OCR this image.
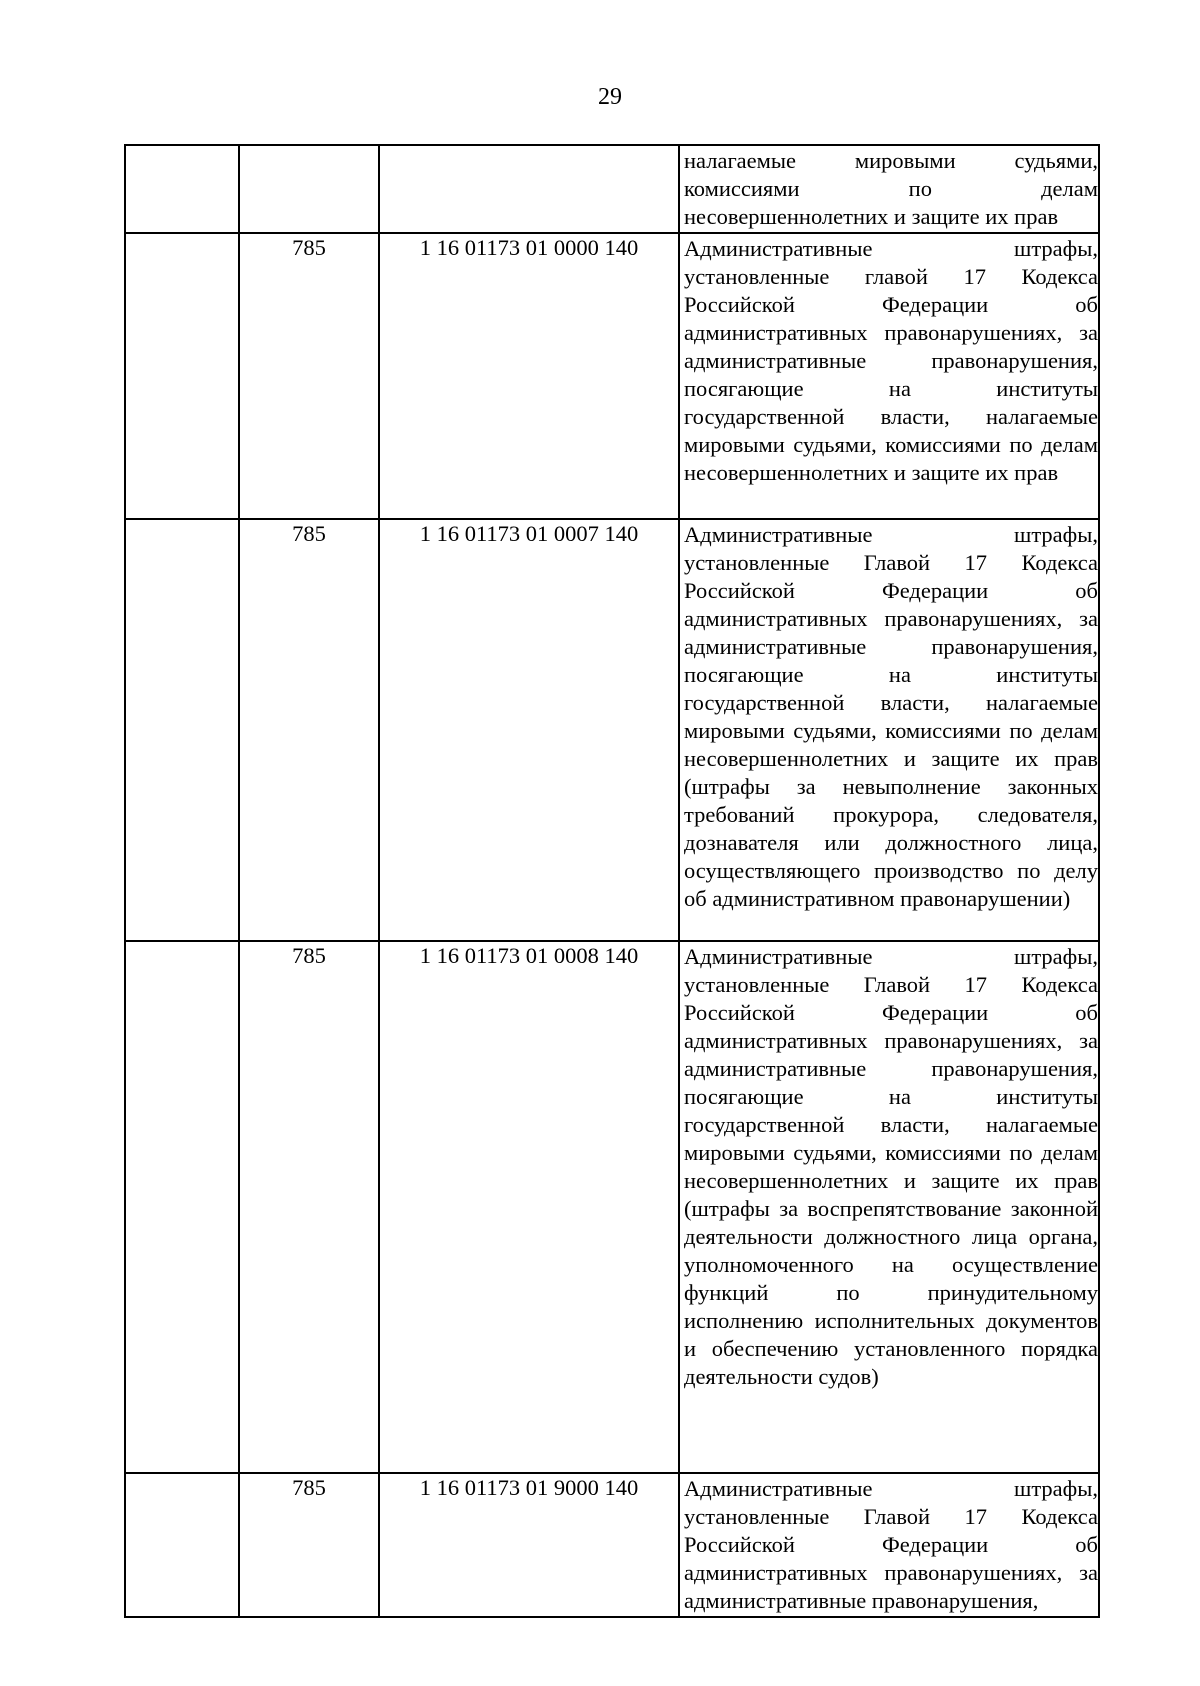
29

			налагаемые мировыми судьями, комиссиями по делам несовершеннолетних и защите их прав

	785	1 16 01173 01 0000 140	Административные штрафы, установленные главой 17 Кодекса Российской Федерации об административных правонарушениях, за административные правонарушения, посягающие на институты государственной власти, налагаемые мировыми судьями, комиссиями по делам несовершеннолетних и защите их прав

	785	1 16 01173 01 0007 140	Административные штрафы, установленные Главой 17 Кодекса Российской Федерации об административных правонарушениях, за административные правонарушения, посягающие на институты государственной власти, налагаемые мировыми судьями, комиссиями по делам несовершеннолетних и защите их прав (штрафы за невыполнение законных требований прокурора, следователя, дознавателя или должностного лица, осуществляющего производство по делу об административном правонарушении)

	785	1 16 01173 01 0008 140	Административные штрафы, установленные Главой 17 Кодекса Российской Федерации об административных правонарушениях, за административные правонарушения, посягающие на институты государственной власти, налагаемые мировыми судьями, комиссиями по делам несовершеннолетних и защите их прав (штрафы за воспрепятствование законной деятельности должностного лица органа, уполномоченного на осуществление функций по принудительному исполнению исполнительных документов и обеспечению установленного порядка деятельности судов)

	785	1 16 01173 01 9000 140	Административные штрафы, установленные Главой 17 Кодекса Российской Федерации об административных правонарушениях, за административные правонарушения,
